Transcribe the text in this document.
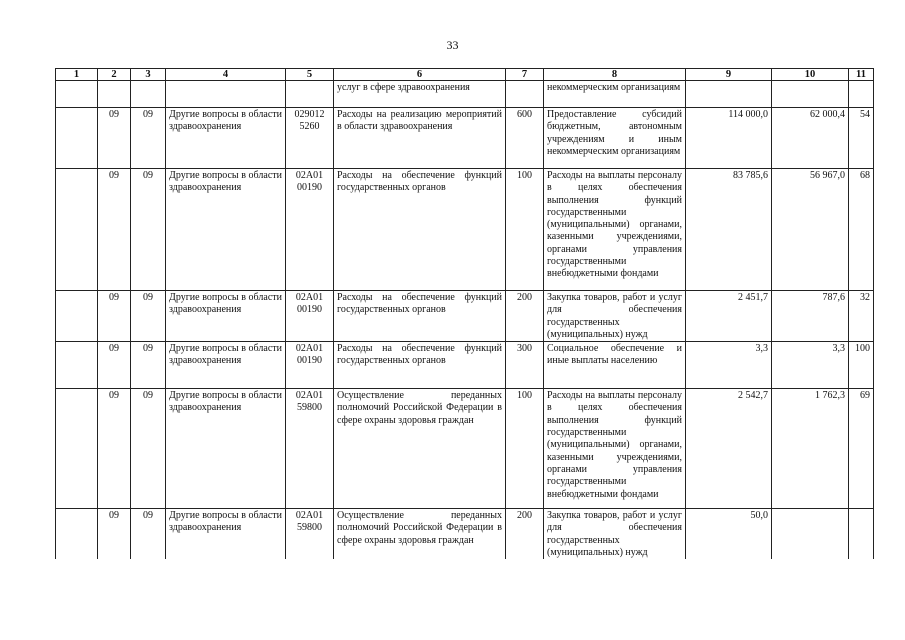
33
1	2	3	4	5	6	7	8	9	10	11
					услуг в сфере здравоохранения		некоммерческим организациям			
	09	09	Другие вопросы в области здравоохранения	029012 5260	Расходы на реализацию мероприятий в области здравоохранения	600	Предоставление субсидий бюджетным, автономным учреждениям и иным некоммерческим организациям	114 000,0	62 000,4	54
	09	09	Другие вопросы в области здравоохранения	02А01 00190	Расходы на обеспечение функций государственных органов	100	Расходы на выплаты персоналу в целях обеспечения выполнения функций государственными (муниципальными) органами, казенными учреждениями, органами управления государственными внебюджетными фондами	83 785,6	56 967,0	68
	09	09	Другие вопросы в области здравоохранения	02А01 00190	Расходы на обеспечение функций государственных органов	200	Закупка товаров, работ и услуг для обеспечения государственных (муниципальных) нужд	2 451,7	787,6	32
	09	09	Другие вопросы в области здравоохранения	02А01 00190	Расходы на обеспечение функций государственных органов	300	Социальное обеспечение и иные выплаты населению	3,3	3,3	100
	09	09	Другие вопросы в области здравоохранения	02А01 59800	Осуществление переданных полномочий Российской Федерации в сфере охраны здоровья граждан	100	Расходы на выплаты персоналу в целях обеспечения выполнения функций государственными (муниципальными) органами, казенными учреждениями, органами управления государственными внебюджетными фондами	2 542,7	1 762,3	69
	09	09	Другие вопросы в области здравоохранения	02А01 59800	Осуществление переданных полномочий Российской Федерации в сфере охраны здоровья граждан	200	Закупка товаров, работ и услуг для обеспечения государственных (муниципальных) нужд	50,0		
